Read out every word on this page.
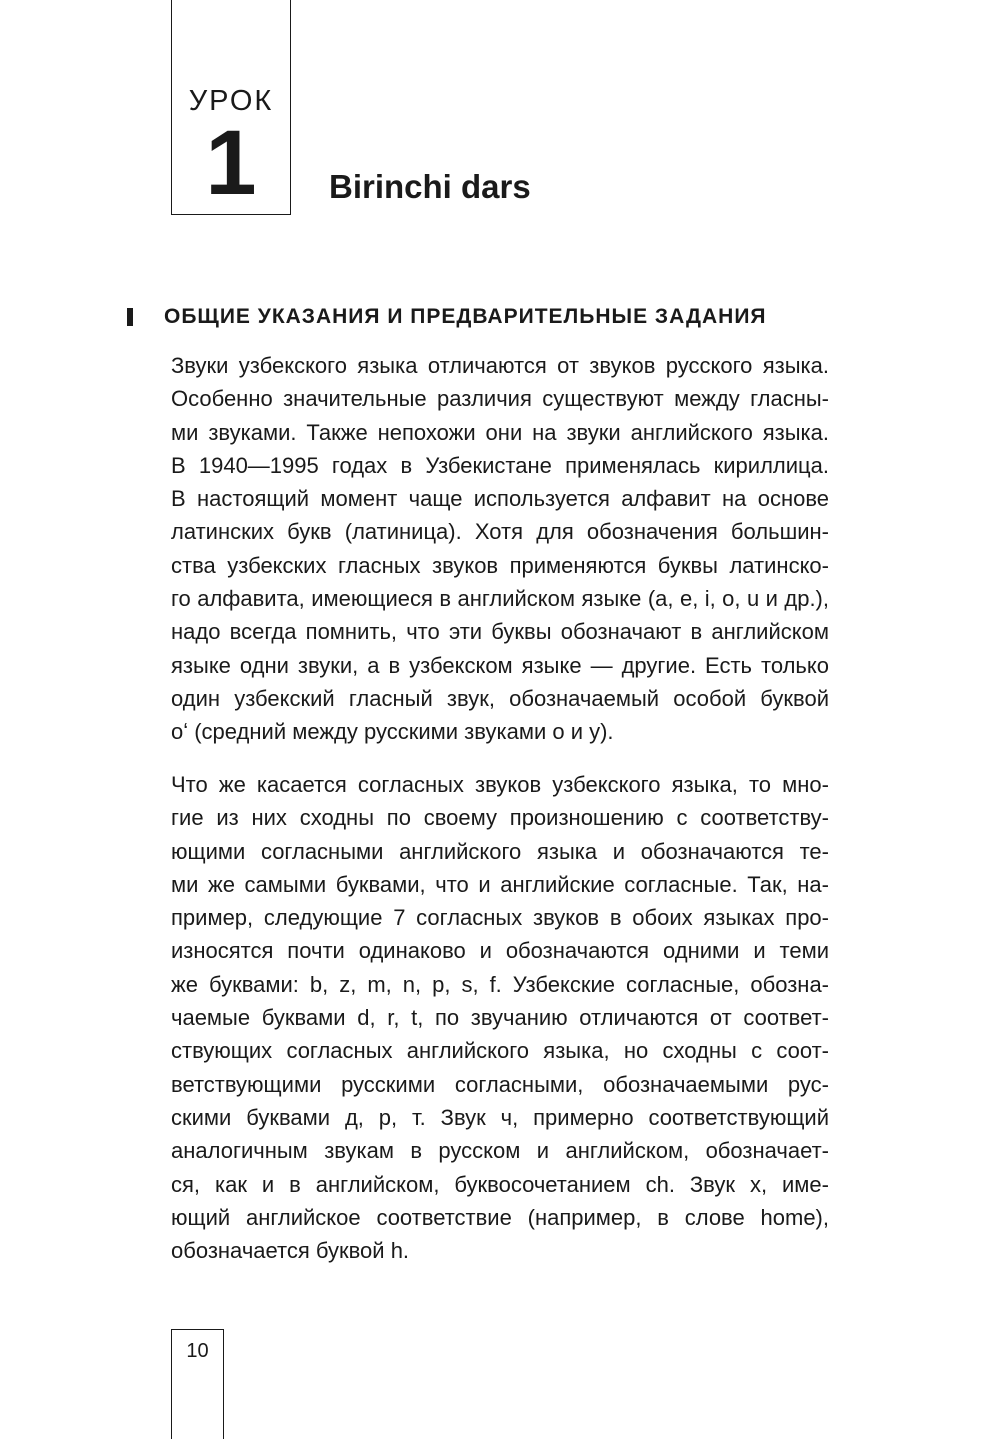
УРОК
1	Birinchi dars
ОБЩИЕ УКАЗАНИЯ И ПРЕДВАРИТЕЛЬНЫЕ ЗАДАНИЯ
Звуки узбекского языка отличаются от звуков русского языка.
Особенно значительные различия существуют между гласны-
ми звуками. Также непохожи они на звуки английского языка.
В 1940—1995 годах в Узбекистане применялась кириллица.
В настоящий момент чаще используется алфавит на основе
латинских букв (латиница). Хотя для обозначения большин-
ства узбекских гласных звуков применяются буквы латинско-
го алфавита, имеющиеся в английском языке (a, e, i, o, u и др.),
надо всегда помнить, что эти буквы обозначают в английском
языке одни звуки, а в узбекском языке — другие. Есть только
один узбекский гласный звук, обозначаемый особой буквой
oʻ (средний между русскими звуками о и у).
Что же касается согласных звуков узбекского языка, то мно-
гие из них сходны по своему произношению с соответству-
ющими согласными английского языка и обозначаются те-
ми же самыми буквами, что и английские согласные. Так, на-
пример, следующие 7 согласных звуков в обоих языках про-
износятся почти одинаково и обозначаются одними и теми
же буквами: b, z, m, n, p, s, f. Узбекские согласные, обозна-
чаемые буквами d, r, t, по звучанию отличаются от соответ-
ствующих согласных английского языка, но сходны с соот-
ветствующими русскими согласными, обозначаемыми рус-
скими буквами д, р, т. Звук ч, примерно соответствующий
аналогичным звукам в русском и английском, обозначает-
ся, как и в английском, буквосочетанием ch. Звук х, име-
ющий английское соответствие (например, в слове home),
обозначается буквой h.
10
